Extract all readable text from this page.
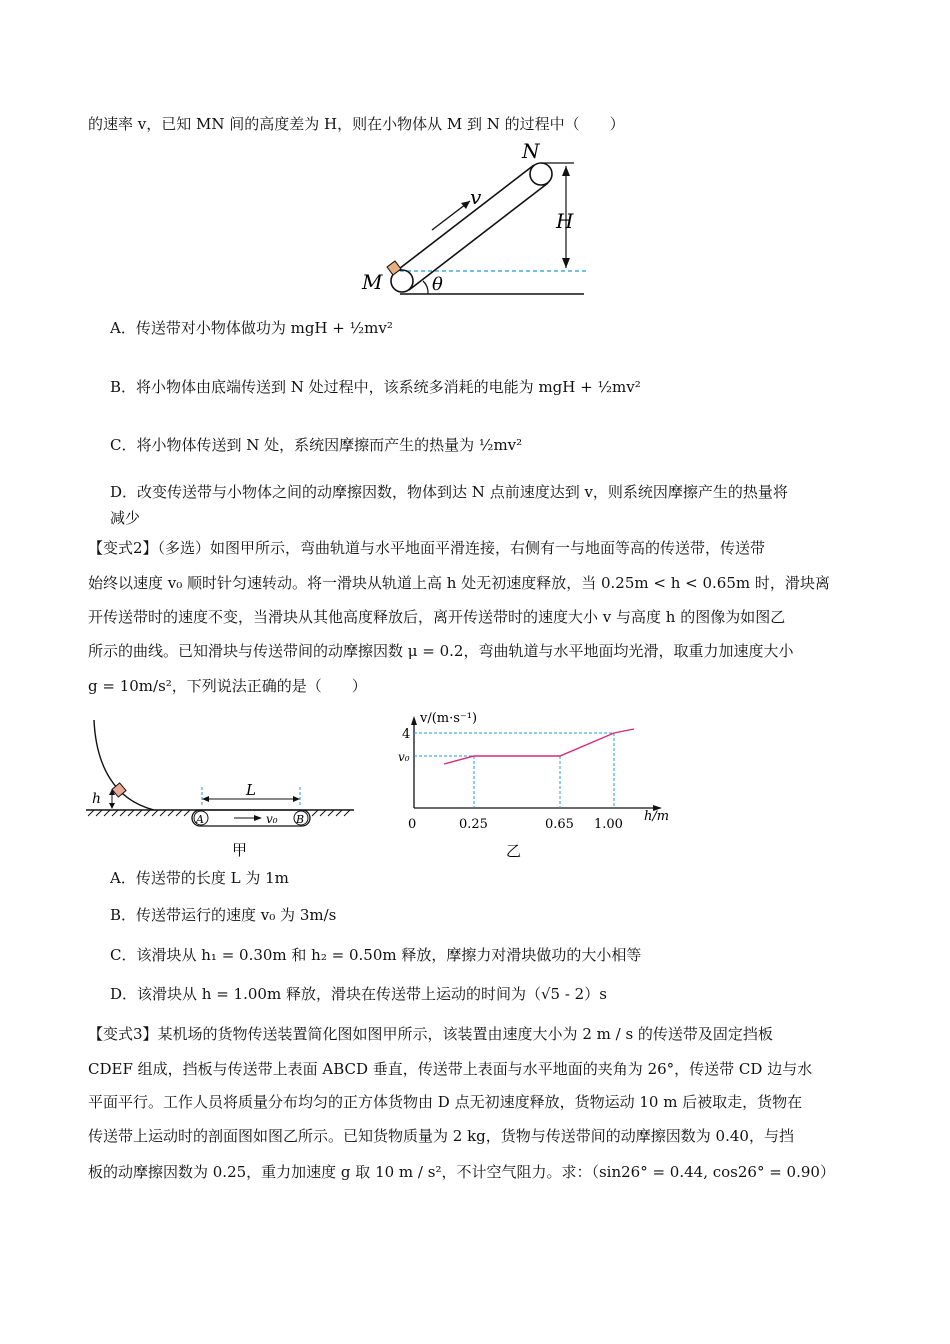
的速率 v，已知 MN 间的高度差为 H，则在小物体从 M 到 N 的过程中（　　）
N
M
v
H
θ
A．传送带对小物体做功为 mgH + ½mv²
B．将小物体由底端传送到 N 处过程中，该系统多消耗的电能为 mgH + ½mv²
C．将小物体传送到 N 处，系统因摩擦而产生的热量为 ½mv²
D．改变传送带与小物体之间的动摩擦因数，物体到达 N 点前速度达到 v，则系统因摩擦产生的热量将
减少
【变式2】（多选）如图甲所示，弯曲轨道与水平地面平滑连接，右侧有一与地面等高的传送带，传送带
始终以速度 v₀ 顺时针匀速转动。将一滑块从轨道上高 h 处无初速度释放，当 0.25m < h < 0.65m 时，滑块离
开传送带时的速度不变，当滑块从其他高度释放后，离开传送带时的速度大小 v 与高度 h 的图像为如图乙
所示的曲线。已知滑块与传送带间的动摩擦因数 μ = 0.2，弯曲轨道与水平地面均光滑，取重力加速度大小
g = 10m/s²，下列说法正确的是（　　）
h	L
A	B
v₀
甲
v/(m·s⁻¹)
h/m
4
v₀
0	0.25	0.65 1.00
乙
A．传送带的长度 L 为 1m
B．传送带运行的速度 v₀ 为 3m/s
C．该滑块从 h₁ = 0.30m 和 h₂ = 0.50m 释放，摩擦力对滑块做功的大小相等
D．该滑块从 h = 1.00m 释放，滑块在传送带上运动的时间为（√5 - 2）s
【变式3】某机场的货物传送装置简化图如图甲所示，该装置由速度大小为 2 m / s 的传送带及固定挡板
CDEF 组成，挡板与传送带上表面 ABCD 垂直，传送带上表面与水平地面的夹角为 26°，传送带 CD 边与水
平面平行。工作人员将质量分布均匀的正方体货物由 D 点无初速度释放，货物运动 10 m 后被取走，货物在
传送带上运动时的剖面图如图乙所示。已知货物质量为 2 kg，货物与传送带间的动摩擦因数为 0.40，与挡
板的动摩擦因数为 0.25，重力加速度 g 取 10 m / s²，不计空气阻力。求：（sin26° = 0.44, cos26° = 0.90）
